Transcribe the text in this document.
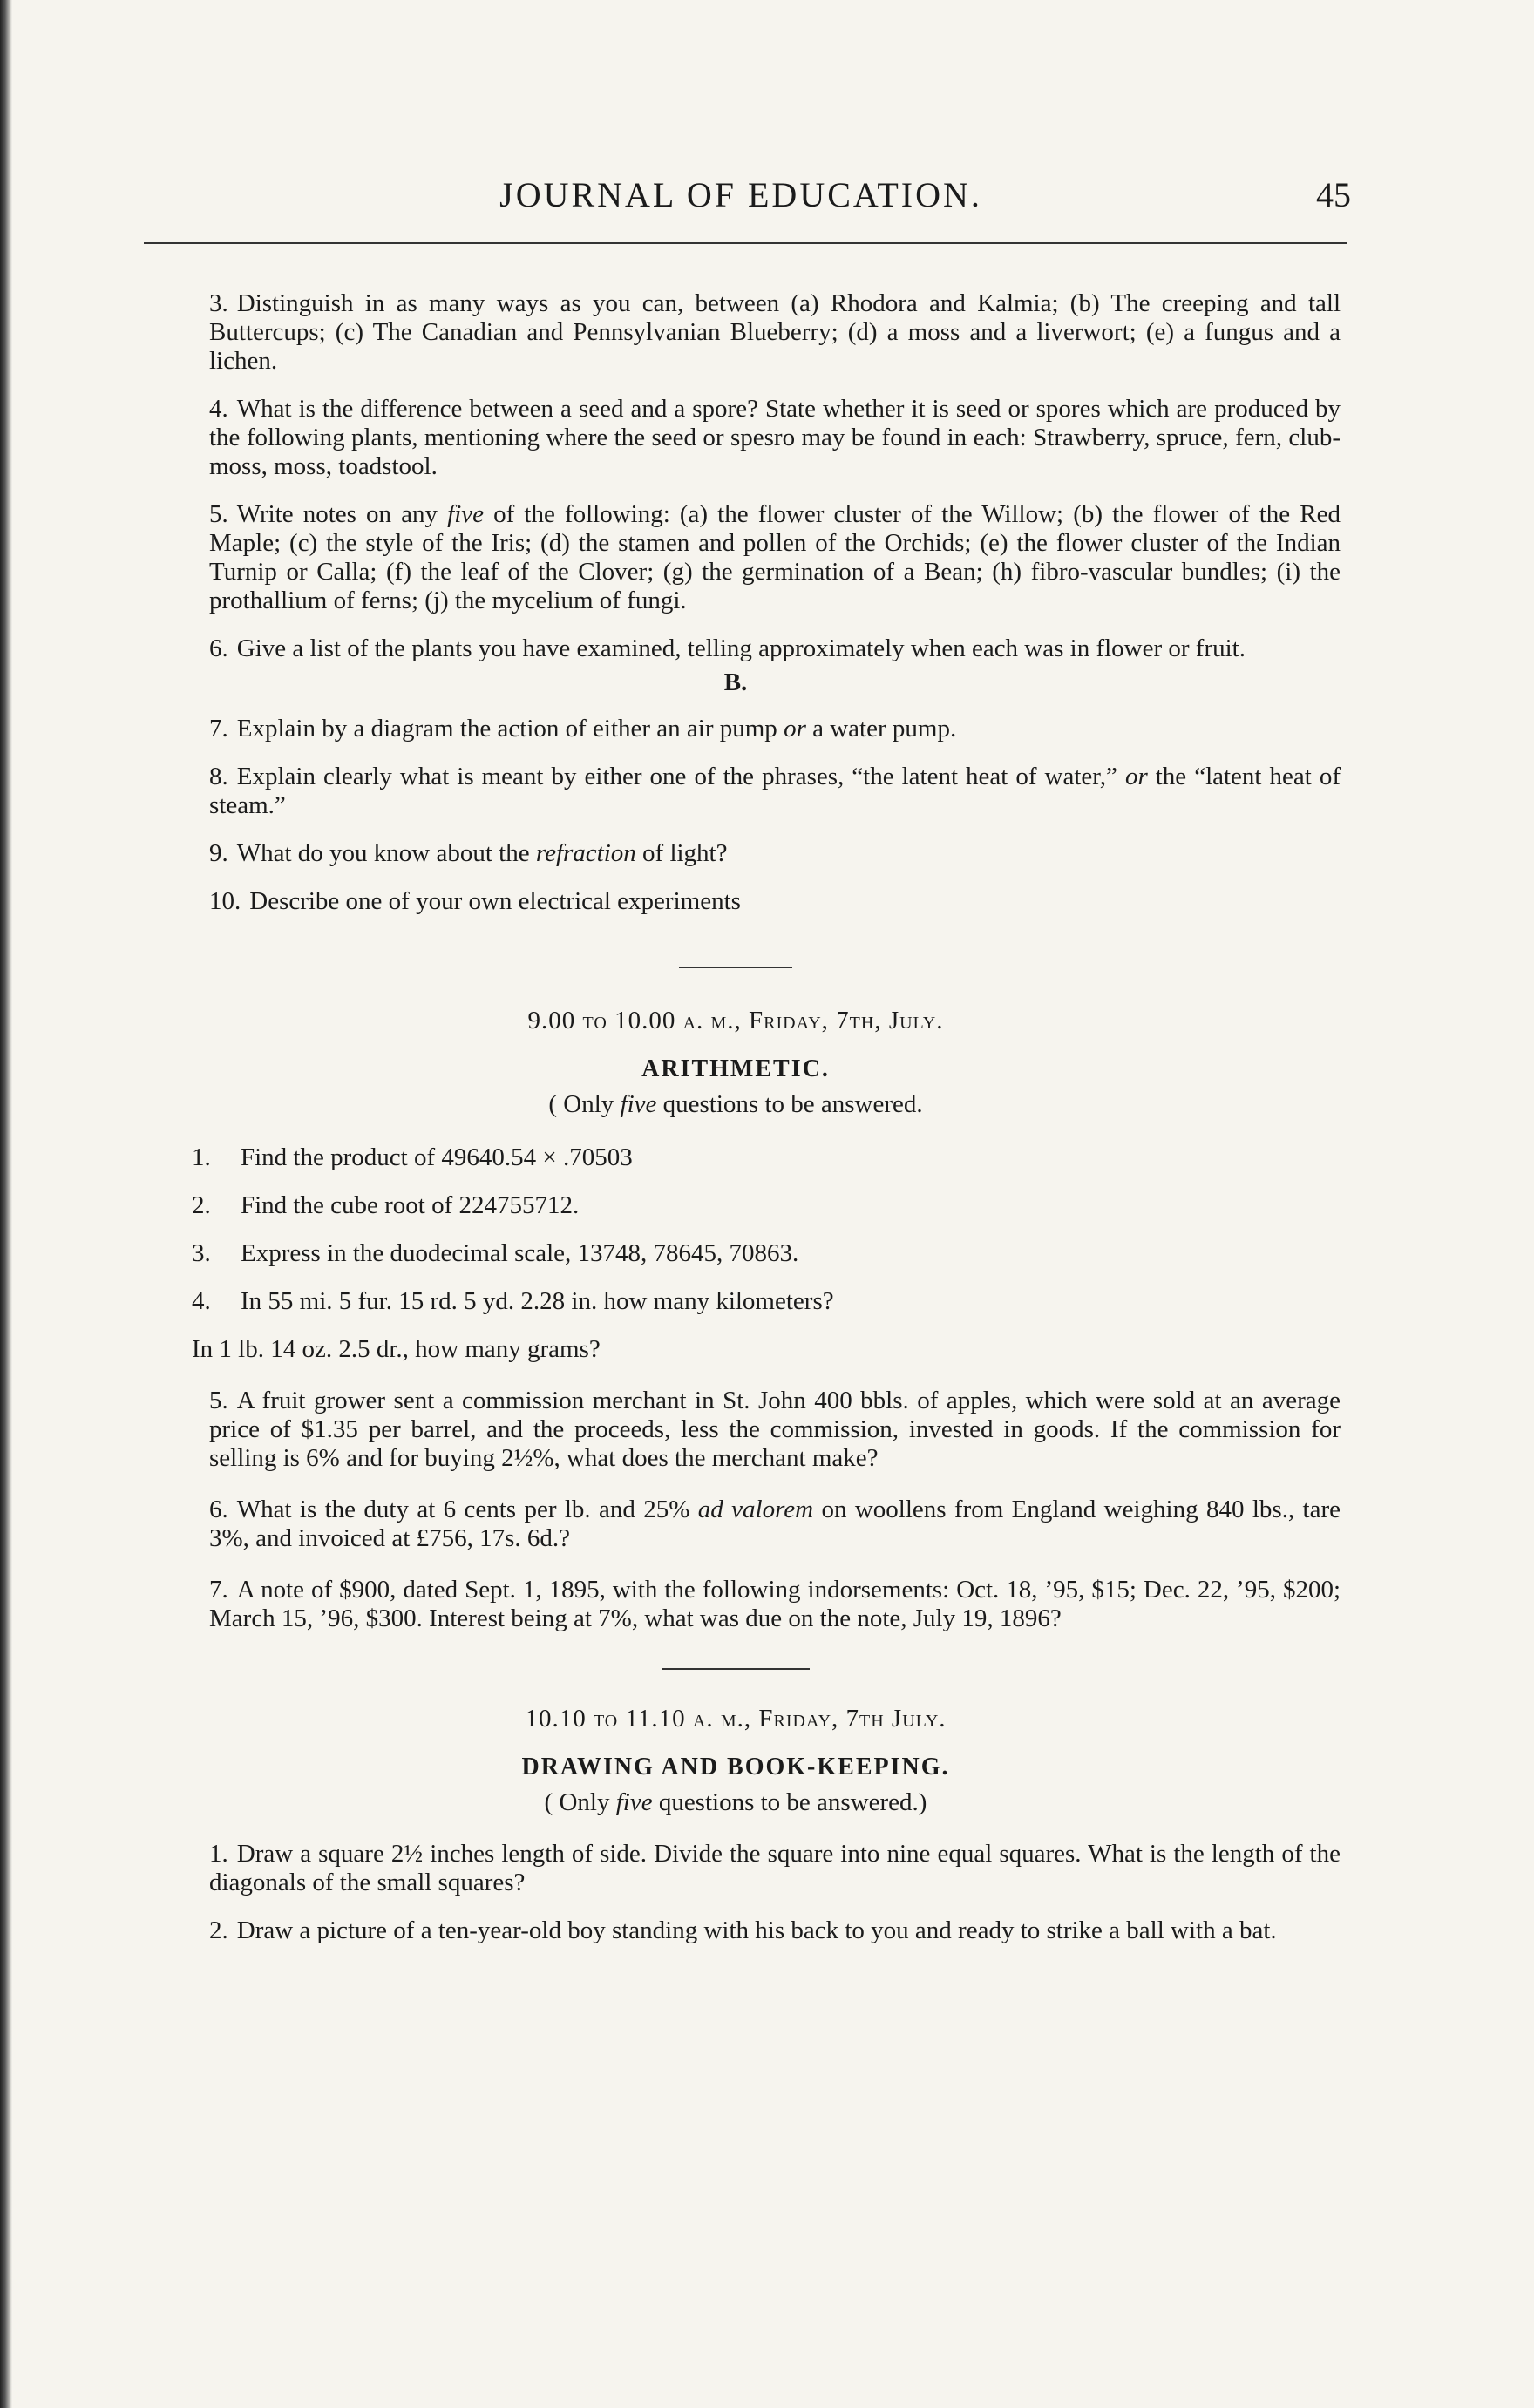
JOURNAL OF EDUCATION.	45

3. Distinguish in as many ways as you can, between (a) Rhodora and Kalmia; (b) The creeping and tall Buttercups; (c) The Canadian and Pennsylvanian Blueberry; (d) a moss and a liverwort; (e) a fungus and a lichen.

4. What is the difference between a seed and a spore? State whether it is seed or spores which are produced by the following plants, mentioning where the seed or spesro may be found in each: Strawberry, spruce, fern, club-moss, moss, toadstool.

5. Write notes on any five of the following: (a) the flower cluster of the Willow; (b) the flower of the Red Maple; (c) the style of the Iris; (d) the stamen and pollen of the Orchids; (e) the flower cluster of the Indian Turnip or Calla; (f) the leaf of the Clover; (g) the germination of a Bean; (h) fibro-vascular bundles; (i) the prothallium of ferns; (j) the mycelium of fungi.

6. Give a list of the plants you have examined, telling approximately when each was in flower or fruit.

B.

7. Explain by a diagram the action of either an air pump or a water pump.

8. Explain clearly what is meant by either one of the phrases, “the latent heat of water,” or the “latent heat of steam.”

9. What do you know about the refraction of light?

10. Describe one of your own electrical experiments

9.00 to 10.00 a. m., Friday, 7th, July.
ARITHMETIC.
( Only five questions to be answered.

1. Find the product of 49640.54 × .70503

2. Find the cube root of 224755712.

3. Express in the duodecimal scale, 13748, 78645, 70863.

4. In 55 mi. 5 fur. 15 rd. 5 yd. 2.28 in. how many kilometers?

In 1 lb. 14 oz. 2.5 dr., how many grams?

5. A fruit grower sent a commission merchant in St. John 400 bbls. of apples, which were sold at an average price of $1.35 per barrel, and the proceeds, less the commission, invested in goods. If the commission for selling is 6% and for buying 2½%, what does the merchant make?

6. What is the duty at 6 cents per lb. and 25% ad valorem on woollens from England weighing 840 lbs., tare 3%, and invoiced at £756, 17s. 6d.?

7. A note of $900, dated Sept. 1, 1895, with the following indorsements: Oct. 18, ’95, $15; Dec. 22, ’95, $200; March 15, ’96, $300. Interest being at 7%, what was due on the note, July 19, 1896?

10.10 to 11.10 a. m., Friday, 7th July.
DRAWING AND BOOK-KEEPING.
( Only five questions to be answered.)

1. Draw a square 2½ inches length of side. Divide the square into nine equal squares. What is the length of the diagonals of the small squares?

2. Draw a picture of a ten-year-old boy standing with his back to you and ready to strike a ball with a bat.
